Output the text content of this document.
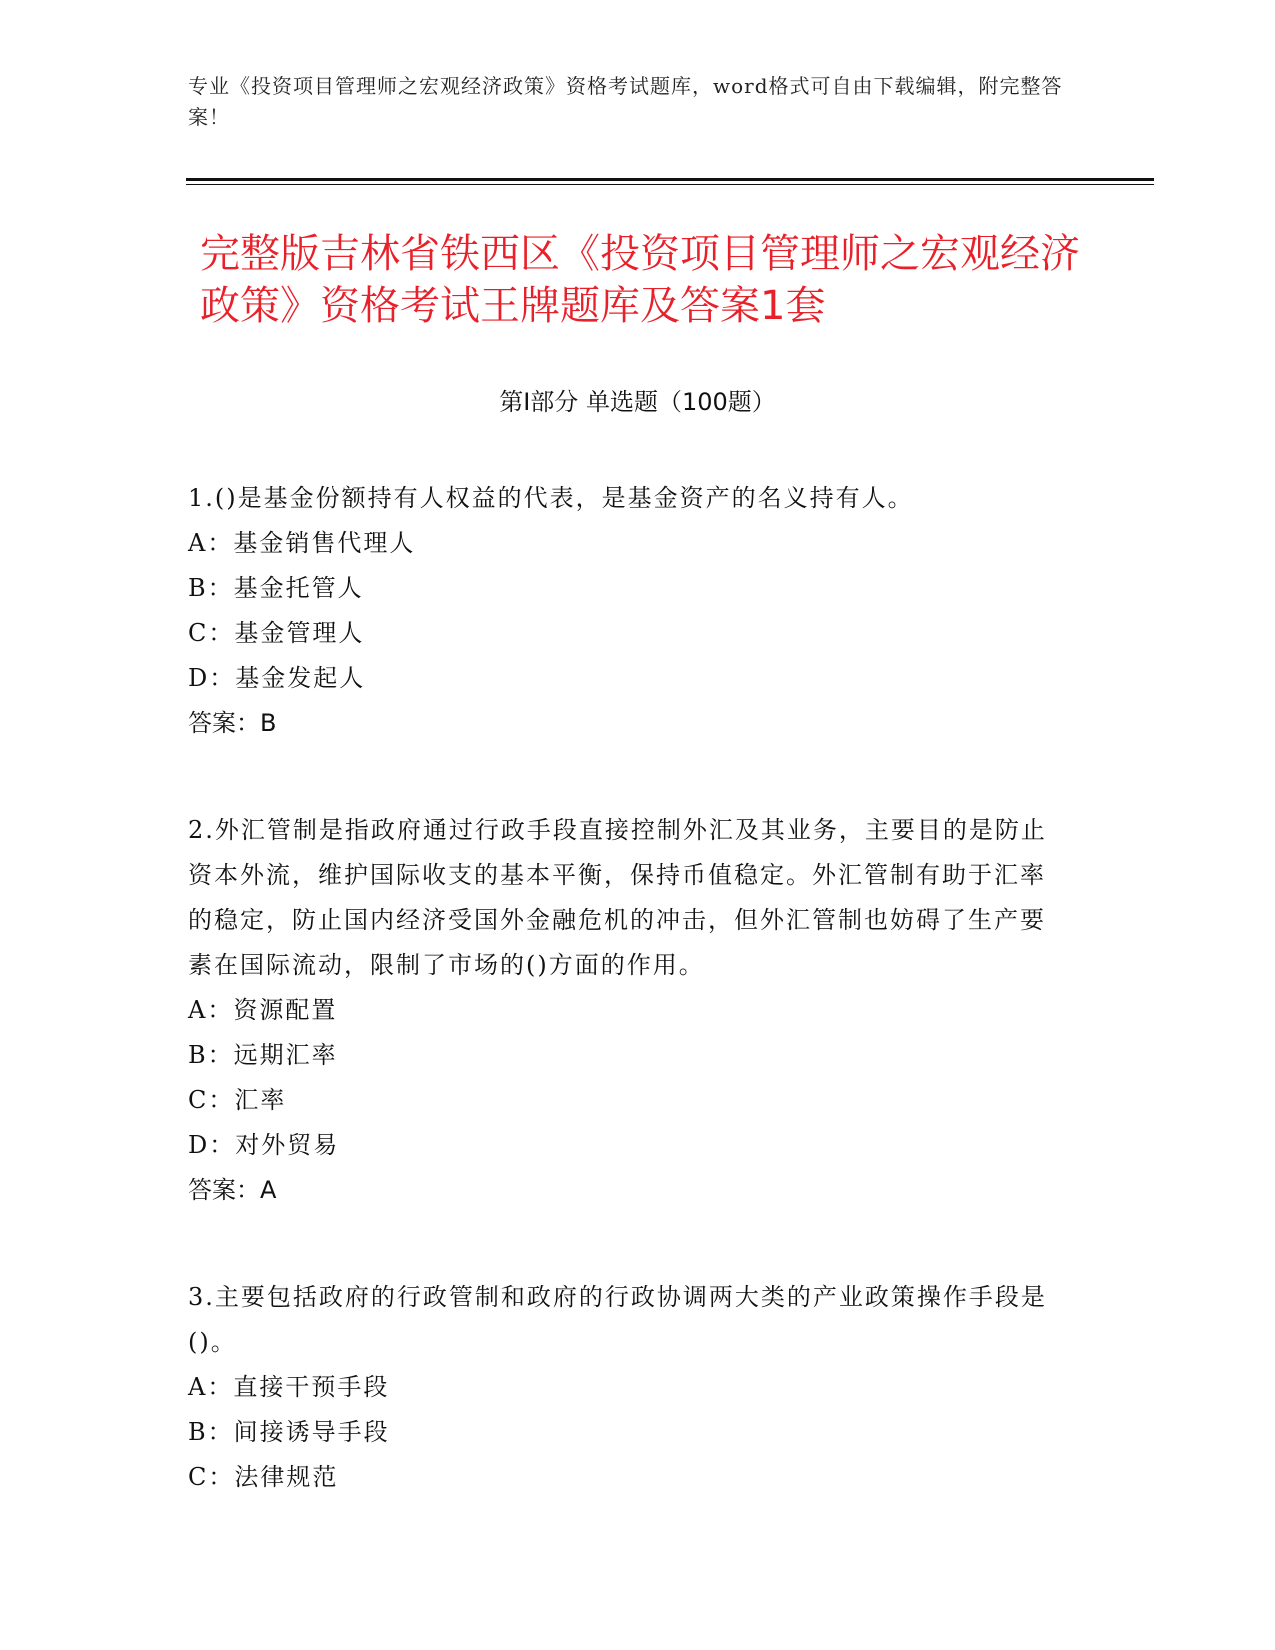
专业《投资项目管理师之宏观经济政策》资格考试题库，word格式可自由下载编辑，附完整答案！
完整版吉林省铁西区《投资项目管理师之宏观经济政策》资格考试王牌题库及答案1套
第Ⅰ部分 单选题（100题）
1.()是基金份额持有人权益的代表，是基金资产的名义持有人。
A：基金销售代理人
B：基金托管人
C：基金管理人
D：基金发起人
答案：B
2.外汇管制是指政府通过行政手段直接控制外汇及其业务，主要目的是防止资本外流，维护国际收支的基本平衡，保持币值稳定。外汇管制有助于汇率的稳定，防止国内经济受国外金融危机的冲击，但外汇管制也妨碍了生产要素在国际流动，限制了市场的()方面的作用。
A：资源配置
B：远期汇率
C：汇率
D：对外贸易
答案：A
3.主要包括政府的行政管制和政府的行政协调两大类的产业政策操作手段是()。
A：直接干预手段
B：间接诱导手段
C：法律规范
